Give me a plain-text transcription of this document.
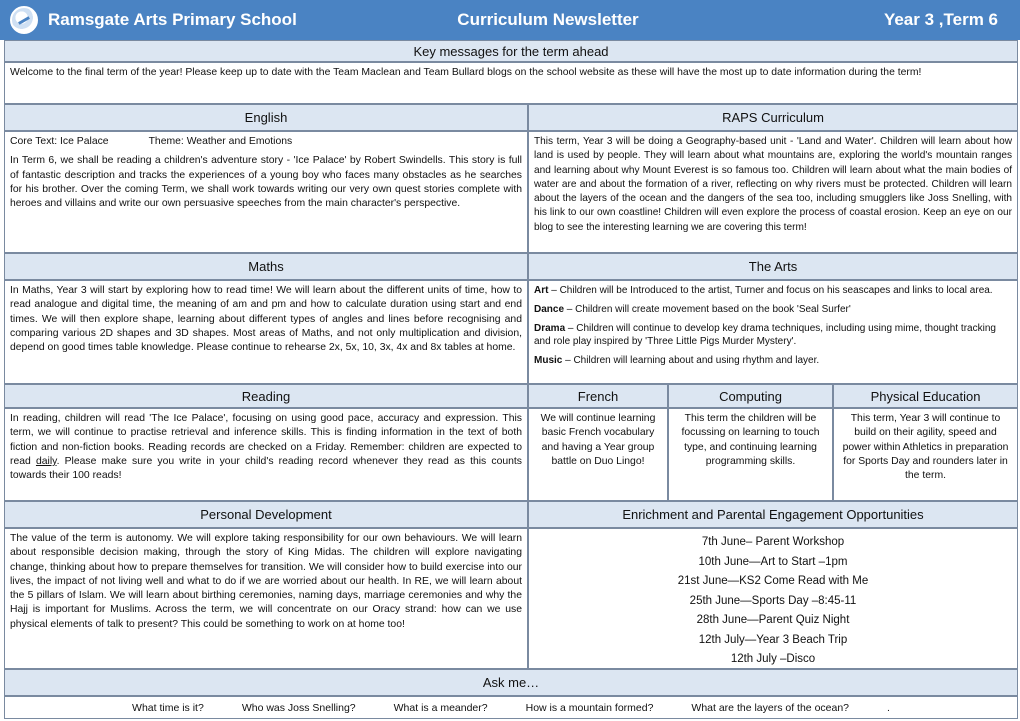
Ramsgate Arts Primary School	Curriculum Newsletter	Year 3 ,Term 6
Key messages for the term ahead
Welcome to the final term of the year! Please keep up to date with the Team Maclean and Team Bullard blogs on the school website as these will have the most up to date information during the term!
English	RAPS Curriculum

Core Text: Ice Palace	Theme: Weather and Emotions

In Term 6, we shall be reading a children's adventure story - 'Ice Palace' by Robert Swindells. This story is full of fantastic description and tracks the experiences of a young boy who faces many obstacles as he searches for his brother. Over the coming Term, we shall work towards writing our very own quest stories complete with heroes and villains and write our own persuasive speeches from the main character's perspective.

This term, Year 3 will be doing a Geography-based unit - 'Land and Water'. Children will learn about how land is used by people. They will learn about what mountains are, exploring the world's mountain ranges and learning about why Mount Everest is so famous too. Children will learn about what the main bodies of water are and about the formation of a river, reflecting on why rivers must be protected. Children will learn about the layers of the ocean and the dangers of the sea too, including smugglers like Joss Snelling, with his link to our own coastline! Children will even explore the process of coastal erosion. Keep an eye on our blog to see the interesting learning we are covering this term!

Maths	The Arts

In Maths, Year 3 will start by exploring how to read time! We will learn about the different units of time, how to read analogue and digital time, the meaning of am and pm and how to calculate duration using start and end times. We will then explore shape, learning about different types of angles and lines before recognising and comparing various 2D shapes and 3D shapes. Most areas of Maths, and not only multiplication and division, depend on good times table knowledge. Please continue to rehearse 2x, 5x, 10, 3x, 4x and 8x tables at home.

Art – Children will be Introduced to the artist, Turner and focus on his seascapes and links to local area.

Dance – Children will create movement based on the book 'Seal Surfer'

Drama – Children will continue to develop key drama techniques, including using mime, thought tracking and role play inspired by 'Three Little Pigs Murder Mystery'.

Music – Children will learning about and using rhythm and layer.

Reading	French	Computing	Physical Education

In reading, children will read 'The Ice Palace', focusing on using good pace, accuracy and expression. This term, we will continue to practise retrieval and inference skills. This is finding information in the text of both fiction and non-fiction books. Reading records are checked on a Friday. Remember: children are expected to read daily. Please make sure you write in your child's reading record whenever they read as this counts towards their 100 reads!

We will continue learning basic French vocabulary and having a Year group battle on Duo Lingo!

This term the children will be focussing on learning to touch type, and continuing learning programming skills.

This term, Year 3 will continue to build on their agility, speed and power within Athletics in preparation for Sports Day and rounders later in the term.

Personal Development	Enrichment and Parental Engagement Opportunities

The value of the term is autonomy. We will explore taking responsibility for our own behaviours. We will learn about responsible decision making, through the story of King Midas. The children will explore navigating change, thinking about how to prepare themselves for transition. We will consider how to build exercise into our lives, the impact of not living well and what to do if we are worried about our health. In RE, we will learn about the 5 pillars of Islam. We will learn about birthing ceremonies, naming days, marriage ceremonies and why the Hajj is important for Muslims. Across the term, we will concentrate on our Oracy strand: how can we use physical elements of talk to present? This could be something to work on at home too!

7th June– Parent Workshop
10th June—Art to Start –1pm
21st June—KS2 Come Read with Me
25th June—Sports Day –8:45-11
28th June—Parent Quiz Night
12th July—Year 3 Beach Trip
12th July –Disco
Ask me…
What time is it?	Who was Joss Snelling?	What is a meander?	How is a mountain formed?	What are the layers of the ocean?	.
